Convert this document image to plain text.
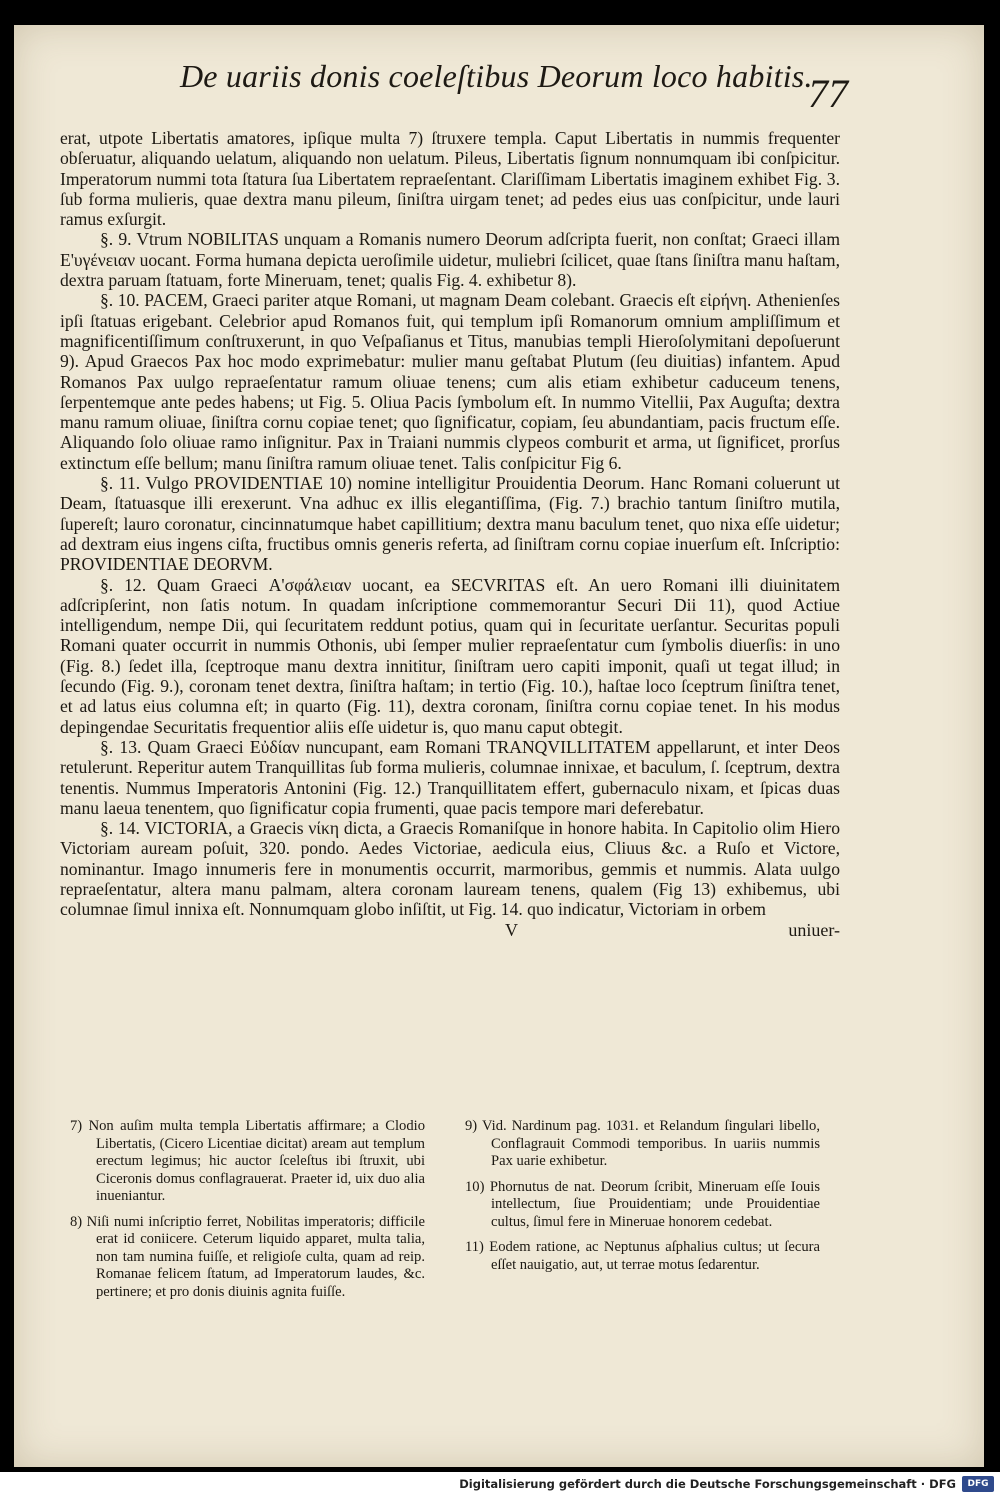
De uariis donis coeleſtibus Deorum loco habitis.
77

erat, utpote Libertatis amatores, ipſique multa 7) ſtruxere templa. Caput Libertatis in nummis frequenter obſeruatur, aliquando uelatum, aliquando non uelatum. Pileus, Libertatis ſignum nonnumquam ibi conſpicitur. Imperatorum nummi tota ſtatura ſua Libertatem repraeſentant. Clariſſimam Libertatis imaginem exhibet Fig. 3. ſub forma mulieris, quae dextra manu pileum, ſiniſtra uirgam tenet; ad pedes eius uas conſpicitur, unde lauri ramus exſurgit.

§. 9. Vtrum NOBILITAS unquam a Romanis numero Deorum adſcripta fuerit, non conſtat; Graeci illam Ε'υγένειαν uocant. Forma humana depicta ueroſimile uidetur, muliebri ſcilicet, quae ſtans ſiniſtra manu haſtam, dextra paruam ſtatuam, forte Mineruam, tenet; qualis Fig. 4. exhibetur 8).

§. 10. PACEM, Graeci pariter atque Romani, ut magnam Deam colebant. Graecis eſt εἰρήνη. Athenienſes ipſi ſtatuas erigebant. Celebrior apud Romanos fuit, qui templum ipſi Romanorum omnium ampliſſimum et magnificentiſſimum conſtruxerunt, in quo Veſpaſianus et Titus, manubias templi Hieroſolymitani depoſuerunt 9). Apud Graecos Pax hoc modo exprimebatur: mulier manu geſtabat Plutum (ſeu diuitias) infantem. Apud Romanos Pax uulgo repraeſentatur ramum oliuae tenens; cum alis etiam exhibetur caduceum tenens, ſerpentemque ante pedes habens; ut Fig. 5. Oliua Pacis ſymbolum eſt. In nummo Vitellii, Pax Auguſta; dextra manu ramum oliuae, ſiniſtra cornu copiae tenet; quo ſignificatur, copiam, ſeu abundantiam, pacis fructum eſſe. Aliquando ſolo oliuae ramo inſignitur. Pax in Traiani nummis clypeos comburit et arma, ut ſignificet, prorſus extinctum eſſe bellum; manu ſiniſtra ramum oliuae tenet. Talis conſpicitur Fig 6.

§. 11. Vulgo PROVIDENTIAE 10) nomine intelligitur Prouidentia Deorum. Hanc Romani coluerunt ut Deam, ſtatuasque illi erexerunt. Vna adhuc ex illis elegantiſſima, (Fig. 7.) brachio tantum ſiniſtro mutila, ſupereſt; lauro coronatur, cincinnatumque habet capillitium; dextra manu baculum tenet, quo nixa eſſe uidetur; ad dextram eius ingens ciſta, fructibus omnis generis referta, ad ſiniſtram cornu copiae inuerſum eſt. Inſcriptio: PROVIDENTIAE DEORVM.

§. 12. Quam Graeci Α'σφάλειαν uocant, ea SECVRITAS eſt. An uero Romani illi diuinitatem adſcripſerint, non ſatis notum. In quadam inſcriptione commemorantur Securi Dii 11), quod Actiue intelligendum, nempe Dii, qui ſecuritatem reddunt potius, quam qui in ſecuritate uerſantur. Securitas populi Romani quater occurrit in nummis Othonis, ubi ſemper mulier repraeſentatur cum ſymbolis diuerſis: in uno (Fig. 8.) ſedet illa, ſceptroque manu dextra innititur, ſiniſtram uero capiti imponit, quaſi ut tegat illud; in ſecundo (Fig. 9.), coronam tenet dextra, ſiniſtra haſtam; in tertio (Fig. 10.), haſtae loco ſceptrum ſiniſtra tenet, et ad latus eius columna eſt; in quarto (Fig. 11), dextra coronam, ſiniſtra cornu copiae tenet. In his modus depingendae Securitatis frequentior aliis eſſe uidetur is, quo manu caput obtegit.

§. 13. Quam Graeci Εὐδίαν nuncupant, eam Romani TRANQVILLITATEM appellarunt, et inter Deos retulerunt. Reperitur autem Tranquillitas ſub forma mulieris, columnae innixae, et baculum, ſ. ſceptrum, dextra tenentis. Nummus Imperatoris Antonini (Fig. 12.) Tranquillitatem effert, gubernaculo nixam, et ſpicas duas manu laeua tenentem, quo ſignificatur copia frumenti, quae pacis tempore mari deferebatur.

§. 14. VICTORIA, a Graecis νίκη dicta, a Graecis Romaniſque in honore habita. In Capitolio olim Hiero Victoriam auream poſuit, 320. pondo. Aedes Victoriae, aedicula eius, Cliuus &c. a Ruſo et Victore, nominantur. Imago innumeris fere in monumentis occurrit, marmoribus, gemmis et nummis. Alata uulgo repraeſentatur, altera manu palmam, altera coronam lauream tenens, qualem (Fig 13) exhibemus, ubi columnae ſimul innixa eſt. Nonnumquam globo inſiſtit, ut Fig. 14. quo indicatur, Victoriam in orbem

V	uniuer-

7) Non auſim multa templa Libertatis affirmare; a Clodio Libertatis, (Cicero Licentiae dicitat) aream aut templum erectum legimus; hic auctor ſceleſtus ibi ſtruxit, ubi Ciceronis domus conflagrauerat. Praeter id, uix duo alia inueniantur.

8) Niſi numi inſcriptio ferret, Nobilitas imperatoris; difficile erat id coniicere. Ceterum liquido apparet, multa talia, non tam numina fuiſſe, et religioſe culta, quam ad reip. Romanae felicem ſtatum, ad Imperatorum laudes, &c. pertinere; et pro donis diuinis agnita fuiſſe.

9) Vid. Nardinum pag. 1031. et Relandum ſingulari libello, Conflagrauit Commodi temporibus. In uariis nummis Pax uarie exhibetur.

10) Phornutus de nat. Deorum ſcribit, Mineruam eſſe Iouis intellectum, ſiue Prouidentiam; unde Prouidentiae cultus, ſimul fere in Mineruae honorem cedebat.

11) Eodem ratione, ac Neptunus aſphalius cultus; ut ſecura eſſet nauigatio, aut, ut terrae motus ſedarentur.

Digitalisierung gefördert durch die Deutsche Forschungsgemeinschaft · DFG	DFG
